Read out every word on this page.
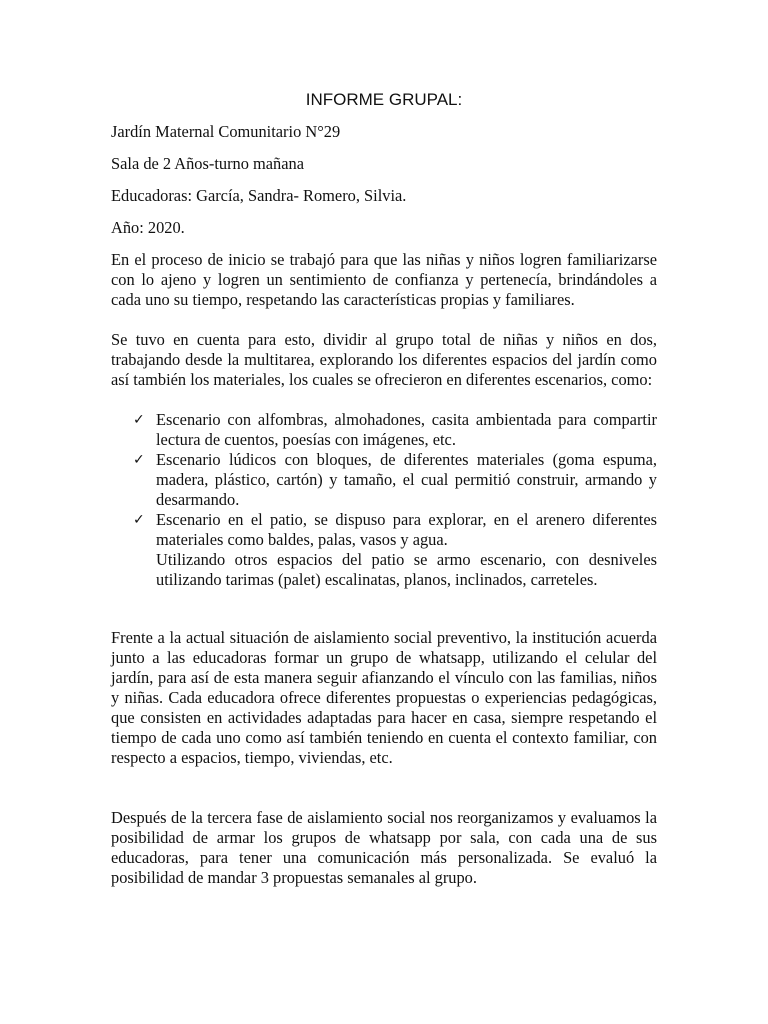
INFORME GRUPAL:
Jardín Maternal Comunitario N°29
Sala de 2 Años-turno mañana
Educadoras: García, Sandra- Romero, Silvia.
Año: 2020.
En el proceso de inicio se trabajó para que las niñas y niños logren familiarizarse con lo ajeno y logren un sentimiento de confianza y pertenecía, brindándoles a cada uno su tiempo, respetando las características propias y familiares.
Se tuvo en cuenta para esto, dividir al grupo total de niñas y niños en dos, trabajando desde la multitarea, explorando los diferentes espacios del jardín como así también los materiales, los cuales se ofrecieron en diferentes escenarios, como:
✓ Escenario con alfombras, almohadones, casita ambientada para compartir lectura de cuentos, poesías con imágenes, etc.
✓ Escenario lúdicos con bloques, de diferentes materiales (goma espuma, madera, plástico, cartón) y tamaño, el cual permitió construir, armando y desarmando.
✓ Escenario en el patio, se dispuso para explorar, en el arenero diferentes materiales como baldes, palas, vasos y agua.
Utilizando otros espacios del patio se armo escenario, con desniveles utilizando tarimas (palet) escalinatas, planos, inclinados, carreteles.
Frente a la actual situación de aislamiento social preventivo, la institución acuerda junto a las educadoras formar un grupo de whatsapp, utilizando el celular del jardín, para así de esta manera seguir afianzando el vínculo con las familias, niños y niñas. Cada educadora ofrece diferentes propuestas o experiencias pedagógicas, que consisten en actividades adaptadas para hacer en casa, siempre respetando el tiempo de cada uno como así también teniendo en cuenta el contexto familiar, con respecto a espacios, tiempo, viviendas, etc.
Después de la tercera fase de aislamiento social nos reorganizamos y evaluamos la posibilidad de armar los grupos de whatsapp por sala, con cada una de sus educadoras, para tener una comunicación más personalizada. Se evaluó la posibilidad de mandar 3 propuestas semanales al grupo.
